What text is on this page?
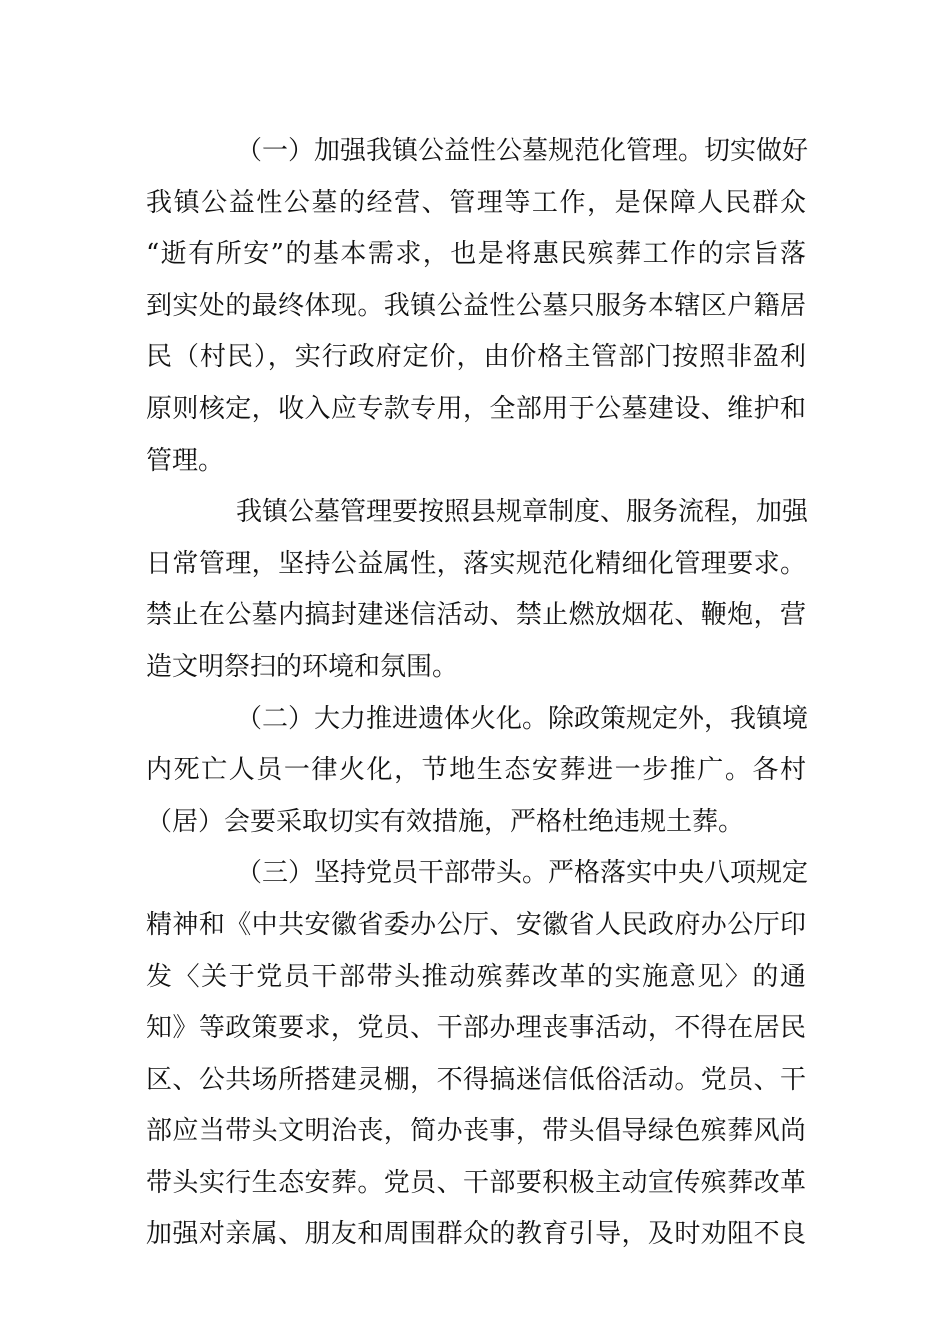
（一）加强我镇公益性公墓规范化管理。切实做好
我镇公益性公墓的经营、管理等工作，是保障人民群众
“逝有所安”的基本需求，也是将惠民殡葬工作的宗旨落
到实处的最终体现。我镇公益性公墓只服务本辖区户籍居
民（村民），实行政府定价，由价格主管部门按照非盈利
原则核定，收入应专款专用，全部用于公墓建设、维护和
管理。
我镇公墓管理要按照县规章制度、服务流程，加强
日常管理，坚持公益属性，落实规范化精细化管理要求。
禁止在公墓内搞封建迷信活动、禁止燃放烟花、鞭炮，营
造文明祭扫的环境和氛围。
（二）大力推进遗体火化。除政策规定外，我镇境
内死亡人员一律火化，节地生态安葬进一步推广。各村
（居）会要采取切实有效措施，严格杜绝违规土葬。
（三）坚持党员干部带头。严格落实中央八项规定
精神和《中共安徽省委办公厅、安徽省人民政府办公厅印
发〈关于党员干部带头推动殡葬改革的实施意见〉的通
知》等政策要求，党员、干部办理丧事活动，不得在居民
区、公共场所搭建灵棚，不得搞迷信低俗活动。党员、干
部应当带头文明治丧，简办丧事，带头倡导绿色殡葬风尚
带头实行生态安葬。党员、干部要积极主动宣传殡葬改革
加强对亲属、朋友和周围群众的教育引导，及时劝阻不良
